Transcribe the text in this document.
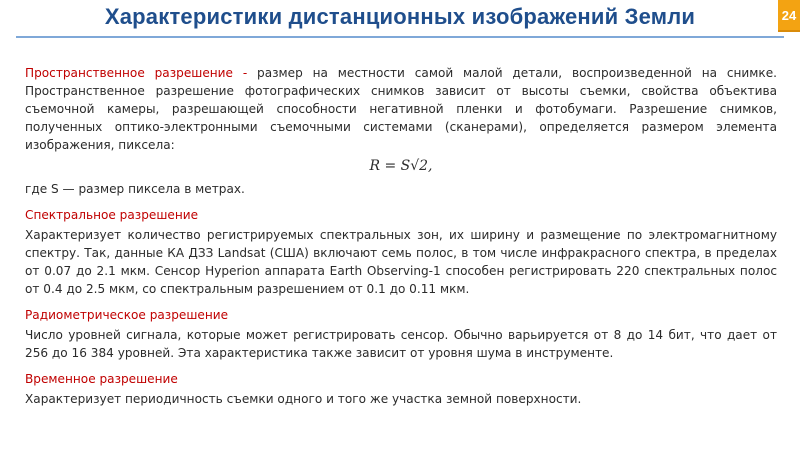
Характеристики дистанционных изображений Земли	24

Пространственное разрешение - размер на местности самой малой детали, воспроизведенной на снимке. Пространственное разрешение фотографических снимков зависит от высоты съемки, свойства объектива съемочной камеры, разрешающей способности негативной пленки и фотобумаги. Разрешение снимков, полученных оптико-электронными съемочными системами (сканерами), определяется размером элемента изображения, пиксела:

R = S√2,

где S — размер пиксела в метрах.

Спектральное разрешение

Характеризует количество регистрируемых спектральных зон, их ширину и размещение по электромагнитному спектру. Так, данные КА ДЗЗ Landsat (США) включают семь полос, в том числе инфракрасного спектра, в пределах от 0.07 до 2.1 мкм. Сенсор Hyperion аппарата Earth Observing-1 способен регистрировать 220 спектральных полос от 0.4 до 2.5 мкм, со спектральным разрешением от 0.1 до 0.11 мкм.

Радиометрическое разрешение

Число уровней сигнала, которые может регистрировать сенсор. Обычно варьируется от 8 до 14 бит, что дает от 256 до 16 384 уровней. Эта характеристика также зависит от уровня шума в инструменте.

Временное разрешение

Характеризует периодичность съемки одного и того же участка земной поверхности.
